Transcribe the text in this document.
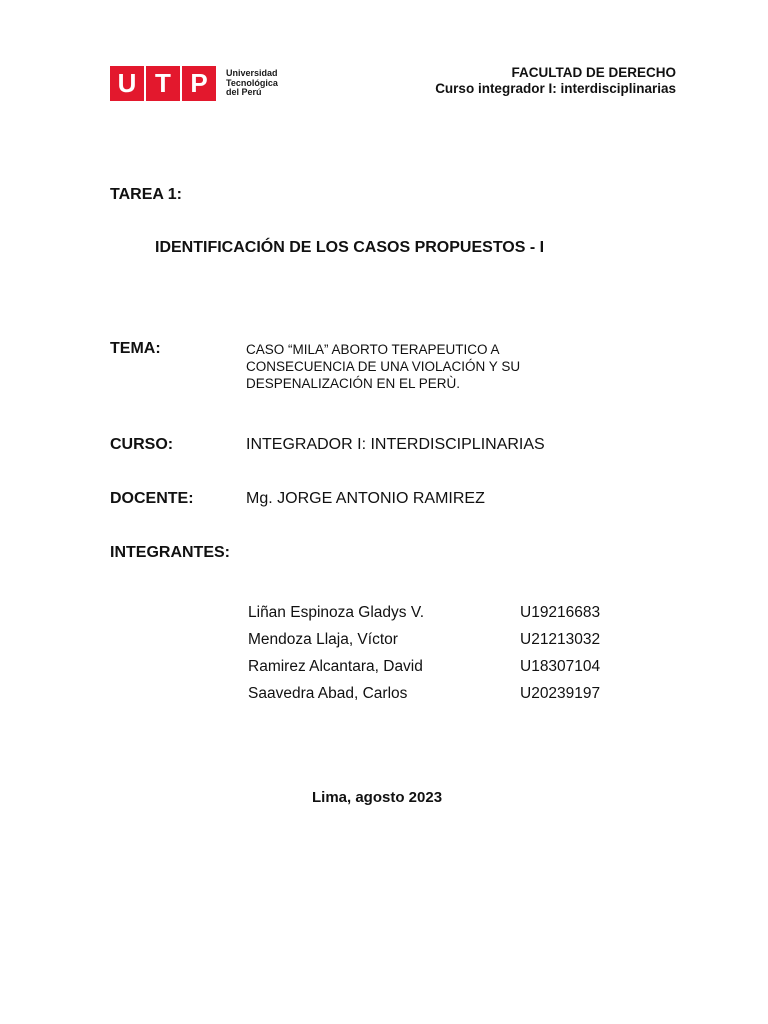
U T P	Universidad
Tecnológica
del Perú
FACULTAD DE DERECHO
Curso integrador I: interdisciplinarias
TAREA 1:
IDENTIFICACIÓN DE LOS CASOS PROPUESTOS - I
TEMA:	CASO “MILA” ABORTO TERAPEUTICO A
CONSECUENCIA DE UNA VIOLACIÓN Y SU
DESPENALIZACIÓN EN EL PERÙ.
CURSO:	INTEGRADOR I: INTERDISCIPLINARIAS
DOCENTE:	Mg. JORGE ANTONIO RAMIREZ
INTEGRANTES:
Liñan Espinoza Gladys V.	U19216683
Mendoza Llaja, Víctor	U21213032
Ramirez Alcantara, David	U18307104
Saavedra Abad, Carlos	U20239197
Lima, agosto 2023
